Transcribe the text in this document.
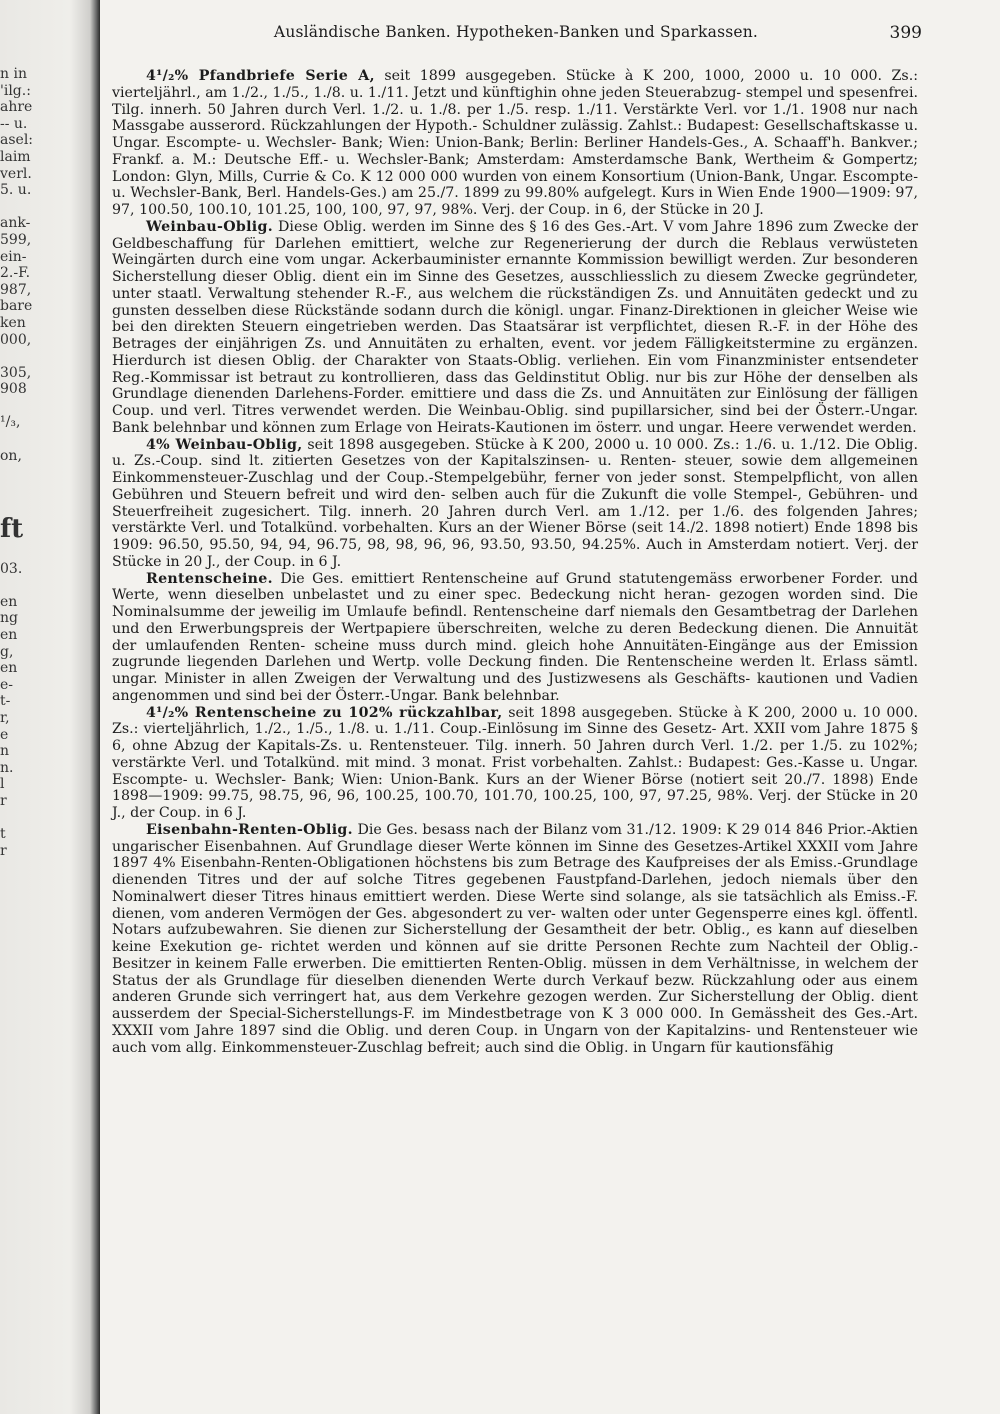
n in
'ilg.:
ahre
-- u.
asel:
laim
verl.
5. u.

ank-
599,
ein-
2.-F.
987,
bare
ken
000,

305,
908

¹/₃,

on,

ft

03.

en
ng
en
g,
en
e-
t-
r,
e
n
n.
l
r

t
r
Ausländische Banken. Hypotheken-Banken und Sparkassen.	399

4¹/₂% Pfandbriefe Serie A, seit 1899 ausgegeben. Stücke à K 200, 1000, 2000 u. 10 000. Zs.: vierteljährl., am 1./2., 1./5., 1./8. u. 1./11. Jetzt und künftighin ohne jeden Steuerabzug- stempel und spesenfrei. Tilg. innerh. 50 Jahren durch Verl. 1./2. u. 1./8. per 1./5. resp. 1./11. Verstärkte Verl. vor 1./1. 1908 nur nach Massgabe ausserord. Rückzahlungen der Hypoth.- Schuldner zulässig. Zahlst.: Budapest: Gesellschaftskasse u. Ungar. Escompte- u. Wechsler- Bank; Wien: Union-Bank; Berlin: Berliner Handels-Ges., A. Schaaff'h. Bankver.; Frankf. a. M.: Deutsche Eff.- u. Wechsler-Bank; Amsterdam: Amsterdamsche Bank, Wertheim & Gompertz; London: Glyn, Mills, Currie & Co. K 12 000 000 wurden von einem Konsortium (Union-Bank, Ungar. Escompte- u. Wechsler-Bank, Berl. Handels-Ges.) am 25./7. 1899 zu 99.80% aufgelegt. Kurs in Wien Ende 1900—1909: 97, 97, 100.50, 100.10, 101.25, 100, 100, 97, 97, 98%. Verj. der Coup. in 6, der Stücke in 20 J.

Weinbau-Oblig. Diese Oblig. werden im Sinne des § 16 des Ges.-Art. V vom Jahre 1896 zum Zwecke der Geldbeschaffung für Darlehen emittiert, welche zur Regenerierung der durch die Reblaus verwüsteten Weingärten durch eine vom ungar. Ackerbauminister ernannte Kommission bewilligt werden. Zur besonderen Sicherstellung dieser Oblig. dient ein im Sinne des Gesetzes, ausschliesslich zu diesem Zwecke gegründeter, unter staatl. Verwaltung stehender R.-F., aus welchem die rückständigen Zs. und Annuitäten gedeckt und zu gunsten desselben diese Rückstände sodann durch die königl. ungar. Finanz-Direktionen in gleicher Weise wie bei den direkten Steuern eingetrieben werden. Das Staatsärar ist verpflichtet, diesen R.-F. in der Höhe des Betrages der einjährigen Zs. und Annuitäten zu erhalten, event. vor jedem Fälligkeitstermine zu ergänzen. Hierdurch ist diesen Oblig. der Charakter von Staats-Oblig. verliehen. Ein vom Finanzminister entsendeter Reg.-Kommissar ist betraut zu kontrollieren, dass das Geldinstitut Oblig. nur bis zur Höhe der denselben als Grundlage dienenden Darlehens-Forder. emittiere und dass die Zs. und Annuitäten zur Einlösung der fälligen Coup. und verl. Titres verwendet werden. Die Weinbau-Oblig. sind pupillarsicher, sind bei der Österr.-Ungar. Bank belehnbar und können zum Erlage von Heirats-Kautionen im österr. und ungar. Heere verwendet werden.

4% Weinbau-Oblig, seit 1898 ausgegeben. Stücke à K 200, 2000 u. 10 000. Zs.: 1./6. u. 1./12. Die Oblig. u. Zs.-Coup. sind lt. zitierten Gesetzes von der Kapitalszinsen- u. Renten- steuer, sowie dem allgemeinen Einkommensteuer-Zuschlag und der Coup.-Stempelgebühr, ferner von jeder sonst. Stempelpflicht, von allen Gebühren und Steuern befreit und wird den- selben auch für die Zukunft die volle Stempel-, Gebühren- und Steuerfreiheit zugesichert. Tilg. innerh. 20 Jahren durch Verl. am 1./12. per 1./6. des folgenden Jahres; verstärkte Verl. und Totalkünd. vorbehalten. Kurs an der Wiener Börse (seit 14./2. 1898 notiert) Ende 1898 bis 1909: 96.50, 95.50, 94, 94, 96.75, 98, 98, 96, 96, 93.50, 93.50, 94.25%. Auch in Amsterdam notiert. Verj. der Stücke in 20 J., der Coup. in 6 J.

Rentenscheine. Die Ges. emittiert Rentenscheine auf Grund statutengemäss erworbener Forder. und Werte, wenn dieselben unbelastet und zu einer spec. Bedeckung nicht heran- gezogen worden sind. Die Nominalsumme der jeweilig im Umlaufe befindl. Rentenscheine darf niemals den Gesamtbetrag der Darlehen und den Erwerbungspreis der Wertpapiere überschreiten, welche zu deren Bedeckung dienen. Die Annuität der umlaufenden Renten- scheine muss durch mind. gleich hohe Annuitäten-Eingänge aus der Emission zugrunde liegenden Darlehen und Wertp. volle Deckung finden. Die Rentenscheine werden lt. Erlass sämtl. ungar. Minister in allen Zweigen der Verwaltung und des Justizwesens als Geschäfts- kautionen und Vadien angenommen und sind bei der Österr.-Ungar. Bank belehnbar.

4¹/₂% Rentenscheine zu 102% rückzahlbar, seit 1898 ausgegeben. Stücke à K 200, 2000 u. 10 000. Zs.: vierteljährlich, 1./2., 1./5., 1./8. u. 1./11. Coup.-Einlösung im Sinne des Gesetz- Art. XXII vom Jahre 1875 § 6, ohne Abzug der Kapitals-Zs. u. Rentensteuer. Tilg. innerh. 50 Jahren durch Verl. 1./2. per 1./5. zu 102%; verstärkte Verl. und Totalkünd. mit mind. 3 monat. Frist vorbehalten. Zahlst.: Budapest: Ges.-Kasse u. Ungar. Escompte- u. Wechsler- Bank; Wien: Union-Bank. Kurs an der Wiener Börse (notiert seit 20./7. 1898) Ende 1898—1909: 99.75, 98.75, 96, 96, 100.25, 100.70, 101.70, 100.25, 100, 97, 97.25, 98%. Verj. der Stücke in 20 J., der Coup. in 6 J.

Eisenbahn-Renten-Oblig. Die Ges. besass nach der Bilanz vom 31./12. 1909: K 29 014 846 Prior.-Aktien ungarischer Eisenbahnen. Auf Grundlage dieser Werte können im Sinne des Gesetzes-Artikel XXXII vom Jahre 1897 4% Eisenbahn-Renten-Obligationen höchstens bis zum Betrage des Kaufpreises der als Emiss.-Grundlage dienenden Titres und der auf solche Titres gegebenen Faustpfand-Darlehen, jedoch niemals über den Nominalwert dieser Titres hinaus emittiert werden. Diese Werte sind solange, als sie tatsächlich als Emiss.-F. dienen, vom anderen Vermögen der Ges. abgesondert zu ver- walten oder unter Gegensperre eines kgl. öffentl. Notars aufzubewahren. Sie dienen zur Sicherstellung der Gesamtheit der betr. Oblig., es kann auf dieselben keine Exekution ge- richtet werden und können auf sie dritte Personen Rechte zum Nachteil der Oblig.-Besitzer in keinem Falle erwerben. Die emittierten Renten-Oblig. müssen in dem Verhältnisse, in welchem der Status der als Grundlage für dieselben dienenden Werte durch Verkauf bezw. Rückzahlung oder aus einem anderen Grunde sich verringert hat, aus dem Verkehre gezogen werden. Zur Sicherstellung der Oblig. dient ausserdem der Special-Sicherstellungs-F. im Mindestbetrage von K 3 000 000. In Gemässheit des Ges.-Art. XXXII vom Jahre 1897 sind die Oblig. und deren Coup. in Ungarn von der Kapitalzins- und Rentensteuer wie auch vom allg. Einkommensteuer-Zuschlag befreit; auch sind die Oblig. in Ungarn für kautionsfähig
